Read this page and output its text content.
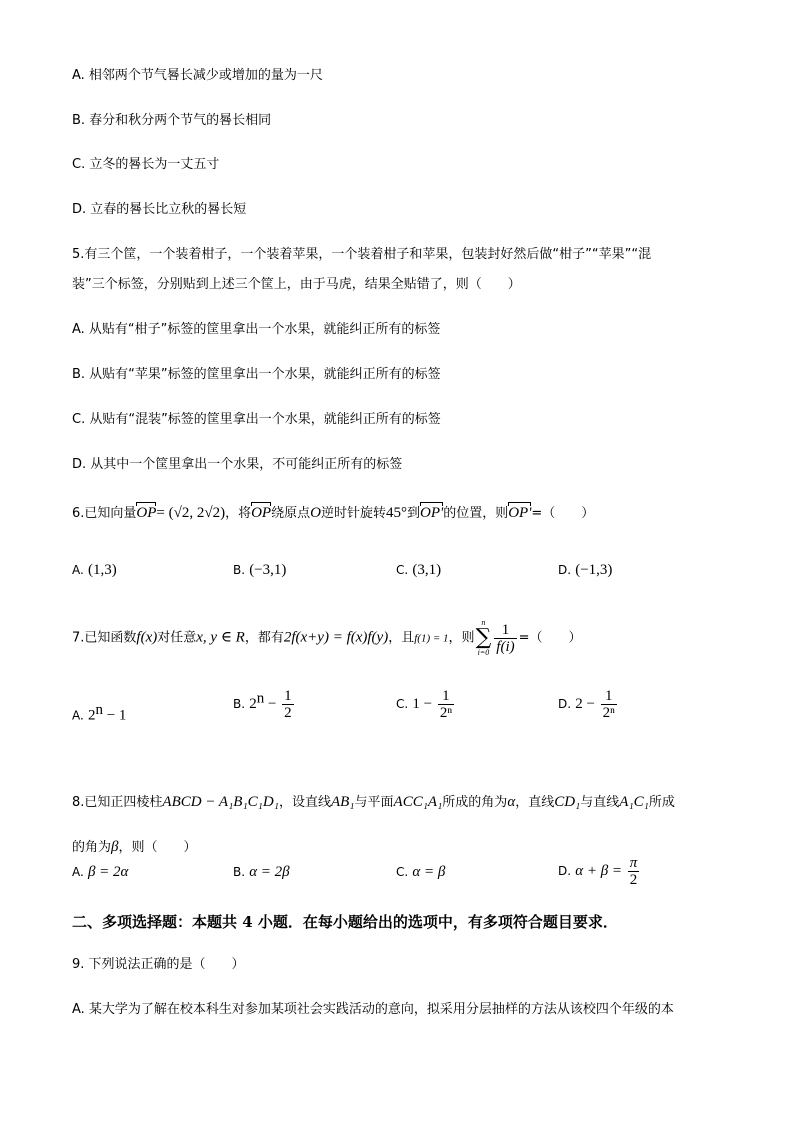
A. 相邻两个节气晷长减少或增加的量为一尺
B. 春分和秋分两个节气的晷长相同
C. 立冬的晷长为一丈五寸
D. 立春的晷长比立秋的晷长短
5.有三个筐，一个装着柑子，一个装着苹果，一个装着柑子和苹果，包装封好然后做“柑子”“苹果”“混
装”三个标签，分别贴到上述三个筐上，由于马虎，结果全贴错了，则（　　）
A. 从贴有“柑子”标签的筐里拿出一个水果，就能纠正所有的标签
B. 从贴有“苹果”标签的筐里拿出一个水果，就能纠正所有的标签
C. 从贴有“混装”标签的筐里拿出一个水果，就能纠正所有的标签
D. 从其中一个筐里拿出一个水果，不可能纠正所有的标签
6.已知向量OP= (√2, 2√2)，将OP绕原点O逆时针旋转45°到OP'的位置，则OP'=（　　）
A. (1,3)	B. (−3,1)	C. (3,1)	D. (−1,3)
7.已知函数f(x)对任意x, y ∈ R，都有2f(x+y) = f(x)f(y)，且f(1) = 1，则
n
∑
$i=0 \frac{1}{f(i)}$ =（　　）
A. $2^n - 1$
B. $2^n - \frac{1}{2}$	C. $1 - \frac{1}{\text{2ⁿ}}$	D. $2 - \frac{1}{\text{2ⁿ}}$
8.已知正四棱柱ABCD − A₁B₁C₁D₁，设直线AB₁与平面ACC₁A₁所成的角为α，直线CD₁与直线A₁C₁所成
的角为β，则（　　）
A. β = 2α	B. α = 2β	C. α = β	D. $\alpha + \beta = \frac{\pi}{2}$
二、多项选择题：本题共 4 小题．在每小题给出的选项中，有多项符合题目要求．
9. 下列说法正确的是（　　）
A. 某大学为了解在校本科生对参加某项社会实践活动的意向，拟采用分层抽样的方法从该校四个年级的本
